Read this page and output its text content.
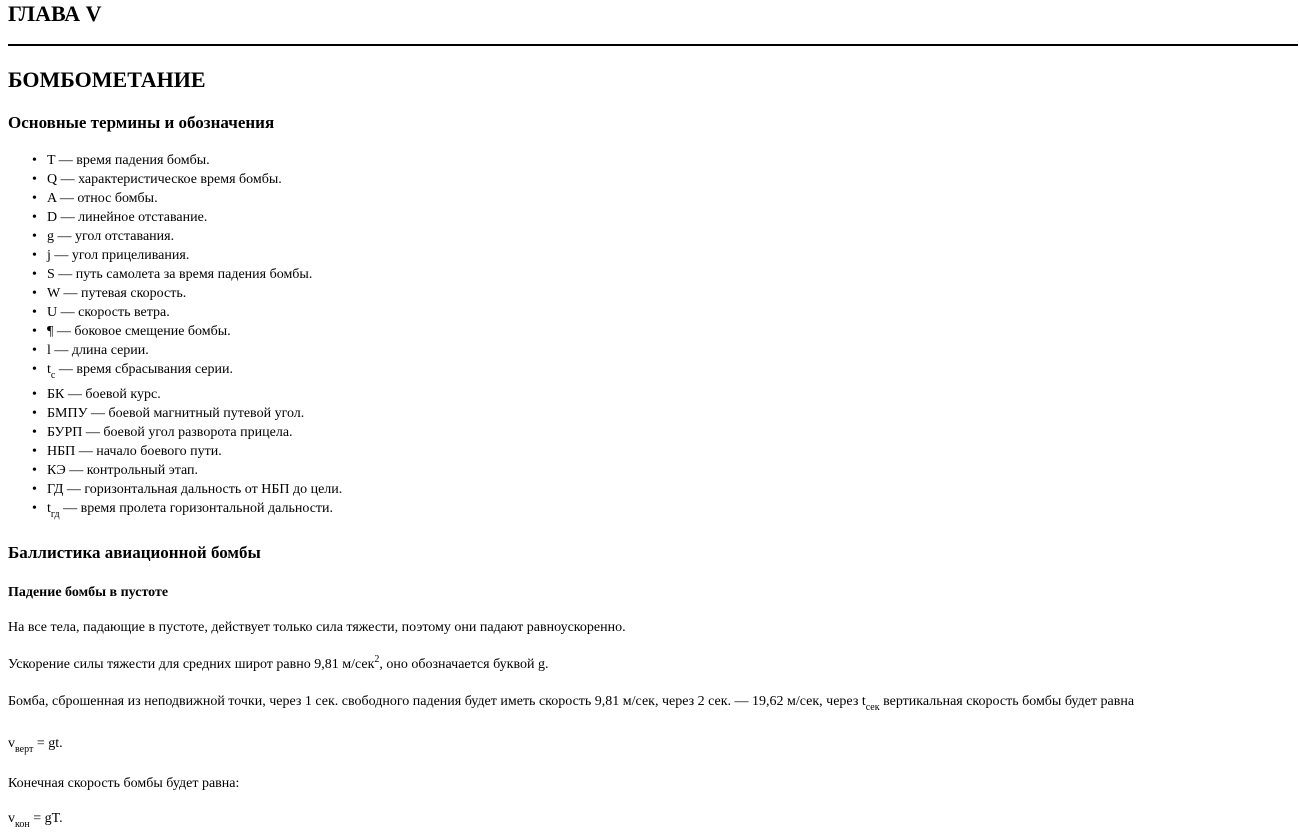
ГЛАВА V
БОМБОМЕТАНИЕ
Основные термины и обозначения
• T — время падения бомбы.
• Q — характеристическое время бомбы.
• A — относ бомбы.
• D — линейное отставание.
• g — угол отставания.
• j — угол прицеливания.
• S — путь самолета за время падения бомбы.
• W — путевая скорость.
• U — скорость ветра.
• ¶ — боковое смещение бомбы.
• l — длина серии.
• $t_c$ — время сбрасывания серии.
• БК — боевой курс.
• БМПУ — боевой магнитный путевой угол.
• БУРП — боевой угол разворота прицела.
• НБП — начало боевого пути.
• КЭ — контрольный этап.
• ГД — горизонтальная дальность от НБП до цели.
• $t_{гд}$ — время пролета горизонтальной дальности.
Баллистика авиационной бомбы
Падение бомбы в пустоте

На все тела, падающие в пустоте, действует только сила тяжести, поэтому они падают равноускоренно.

Ускорение силы тяжести для средних широт равно 9,81 м/сек$^2$, оно обозначается буквой g.

Бомба, сброшенная из неподвижной точки, через 1 сек. свободного падения будет иметь скорость 9,81 м/сек, через 2 сек. — 19,62 м/сек, через $t_{сек}$ вертикальная скорость бомбы будет равна

$v_{верт}$ = gt.

Конечная скорость бомбы будет равна:

$v_{кон}$ = gT.
